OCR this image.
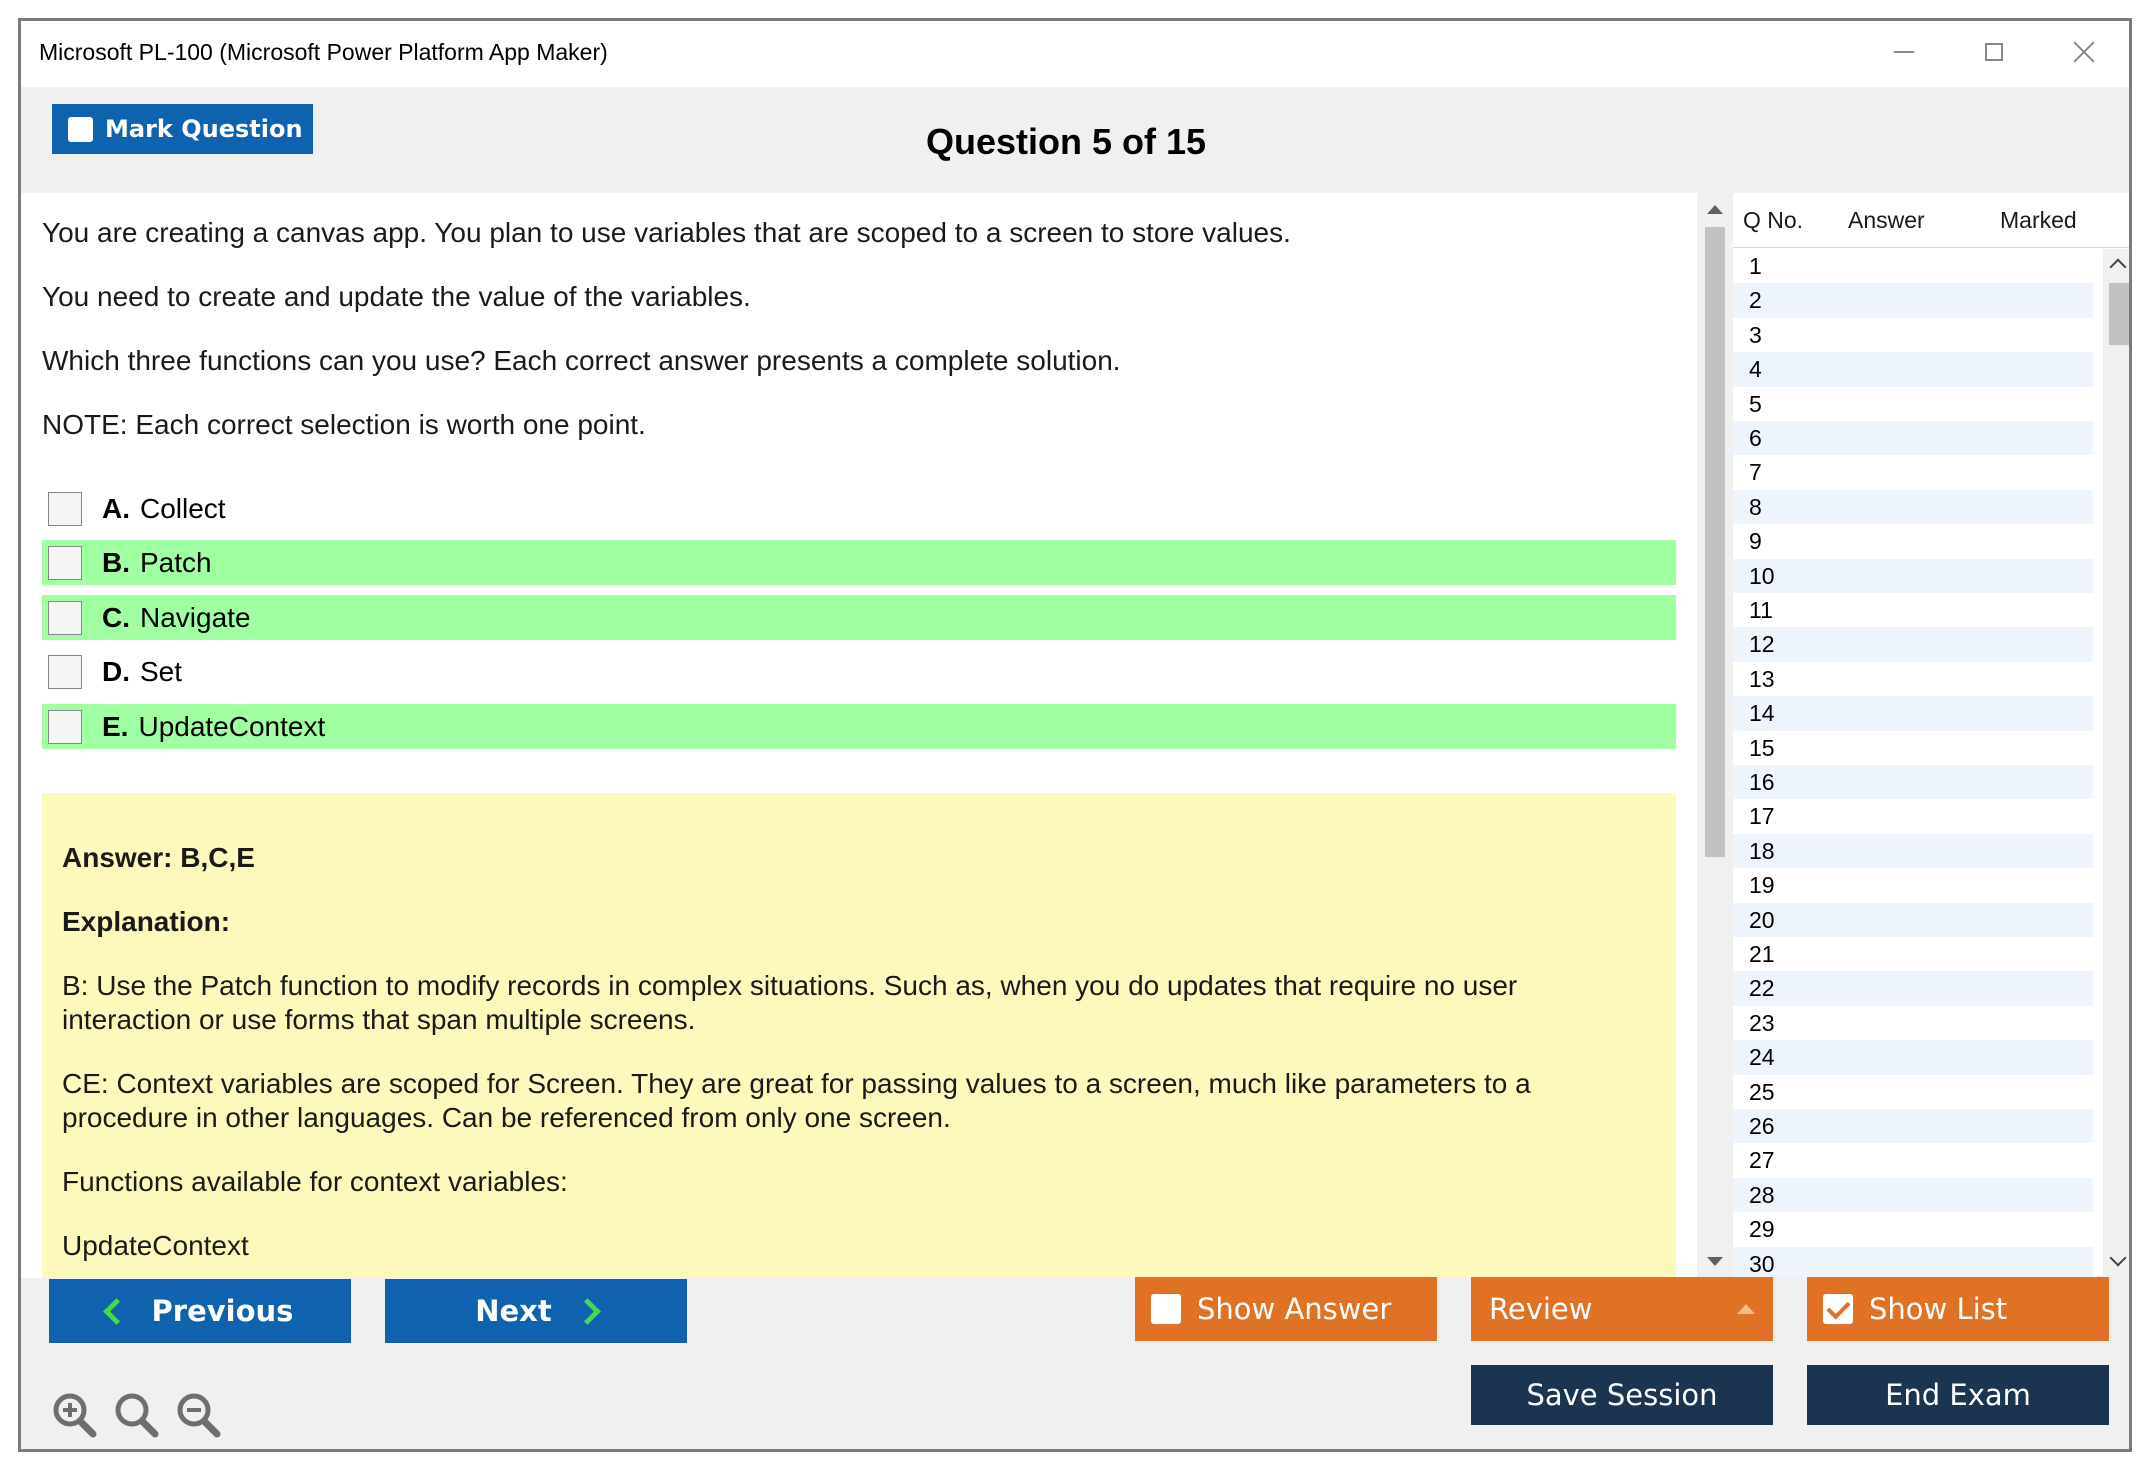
Microsoft PL-100 (Microsoft Power Platform App Maker)
Mark Question	Question 5 of 15
You are creating a canvas app. You plan to use variables that are scoped to a screen to store values.
You need to create and update the value of the variables.
Which three functions can you use? Each correct answer presents a complete solution.
NOTE: Each correct selection is worth one point.
A. Collect
B. Patch
C. Navigate
D. Set
E. UpdateContext
Answer: B,C,E
Explanation:
B: Use the Patch function to modify records in complex situations. Such as, when you do updates that require no user interaction or use forms that span multiple screens.
CE: Context variables are scoped for Screen. They are great for passing values to a screen, much like parameters to a procedure in other languages. Can be referenced from only one screen.
Functions available for context variables:
UpdateContext
Q No. Answer	Marked
1
2
3
4
5
6
7
8
9
10
11
12
13
14
15
16
17
18
19
20
21
22
23
24
25
26
27
28
29
30
Previous	Next	Show Answer	Review	Show List
Save Session	End Exam
